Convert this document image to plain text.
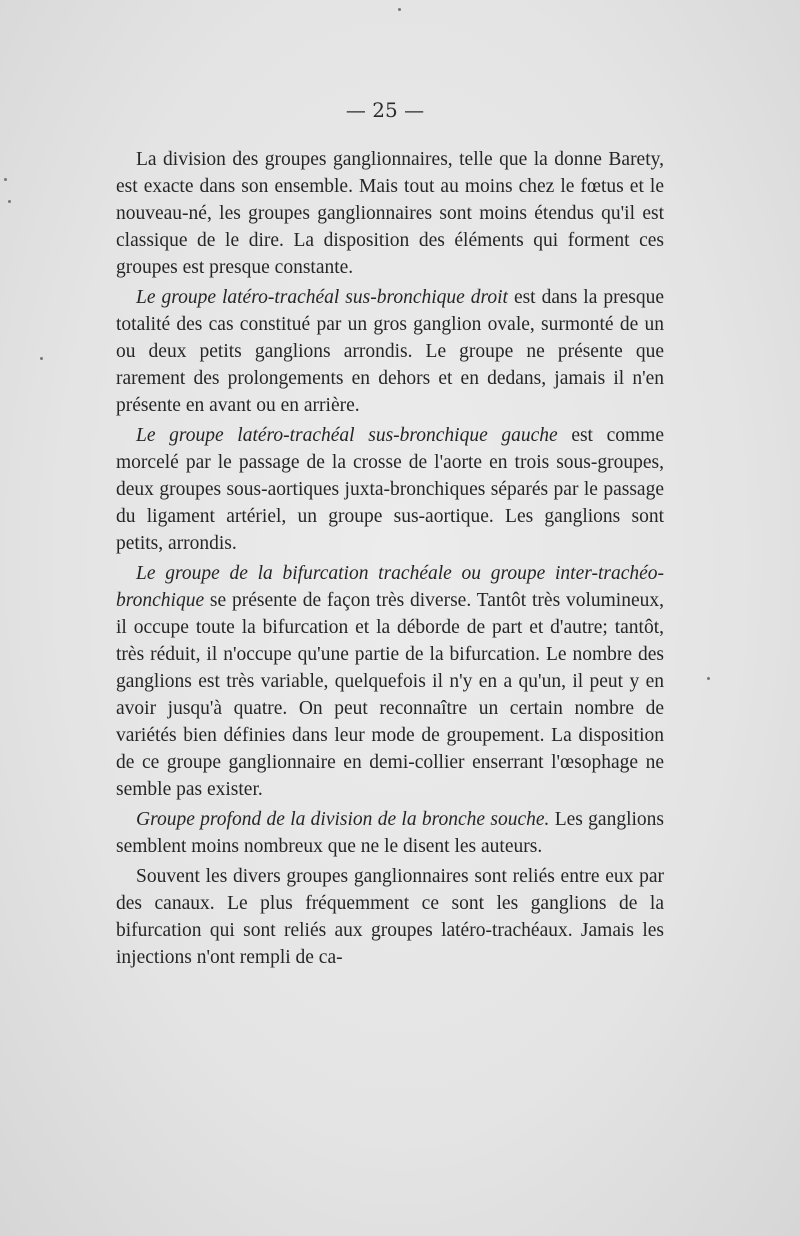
— 25 —

La division des groupes ganglionnaires, telle que la donne Barety, est exacte dans son ensemble. Mais tout au moins chez le fœtus et le nouveau-né, les groupes ganglionnaires sont moins étendus qu'il est classique de le dire. La disposition des éléments qui forment ces groupes est presque constante.

Le groupe latéro-trachéal sus-bronchique droit est dans la presque totalité des cas constitué par un gros ganglion ovale, surmonté de un ou deux petits ganglions arrondis. Le groupe ne présente que rarement des prolongements en dehors et en dedans, jamais il n'en présente en avant ou en arrière.

Le groupe latéro-trachéal sus-bronchique gauche est comme morcelé par le passage de la crosse de l'aorte en trois sous-groupes, deux groupes sous-aortiques juxta-bronchiques séparés par le passage du ligament artériel, un groupe sus-aortique. Les ganglions sont petits, arrondis.

Le groupe de la bifurcation trachéale ou groupe inter-trachéo-bronchique se présente de façon très diverse. Tantôt très volumineux, il occupe toute la bifurcation et la déborde de part et d'autre; tantôt, très réduit, il n'occupe qu'une partie de la bifurcation. Le nombre des ganglions est très variable, quelquefois il n'y en a qu'un, il peut y en avoir jusqu'à quatre. On peut reconnaître un certain nombre de variétés bien définies dans leur mode de groupement. La disposition de ce groupe ganglionnaire en demi-collier enserrant l'œsophage ne semble pas exister.

Groupe profond de la division de la bronche souche. Les ganglions semblent moins nombreux que ne le disent les auteurs.

Souvent les divers groupes ganglionnaires sont reliés entre eux par des canaux. Le plus fréquemment ce sont les ganglions de la bifurcation qui sont reliés aux groupes latéro-trachéaux. Jamais les injections n'ont rempli de ca-
